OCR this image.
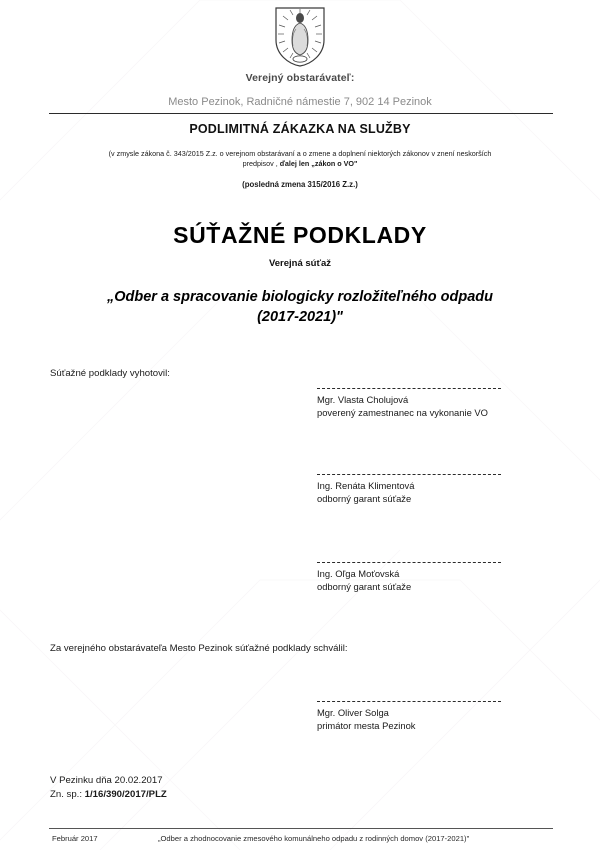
Verejný obstarávateľ:
Mesto Pezinok, Radničné námestie 7, 902 14 Pezinok
PODLIMITNÁ ZÁKAZKA NA SLUŽBY
(v zmysle zákona č. 343/2015 Z.z. o verejnom obstarávaní a o zmene a doplnení niektorých zákonov v znení neskorších
predpisov , ďalej len „zákon o VO"
(posledná zmena 315/2016 Z.z.)
SÚŤAŽNÉ PODKLADY
Verejná súťaž
„Odber a spracovanie biologicky rozložiteľného odpadu
(2017-2021)"
Súťažné podklady vyhotovil:
Mgr. Vlasta Cholujová
poverený zamestnanec na vykonanie VO
Ing. Renáta Klimentová
odborný garant súťaže
Ing. Oľga Moťovská
odborný garant súťaže
Za verejného obstarávateľa Mesto Pezinok súťažné podklady schválil:
Mgr. Oliver Solga
primátor mesta Pezinok
V Pezinku dňa 20.02.2017
Zn. sp.: 1/16/390/2017/PLZ
Február 2017	„Odber a zhodnocovanie zmesového komunálneho odpadu z rodinných domov (2017-2021)"
